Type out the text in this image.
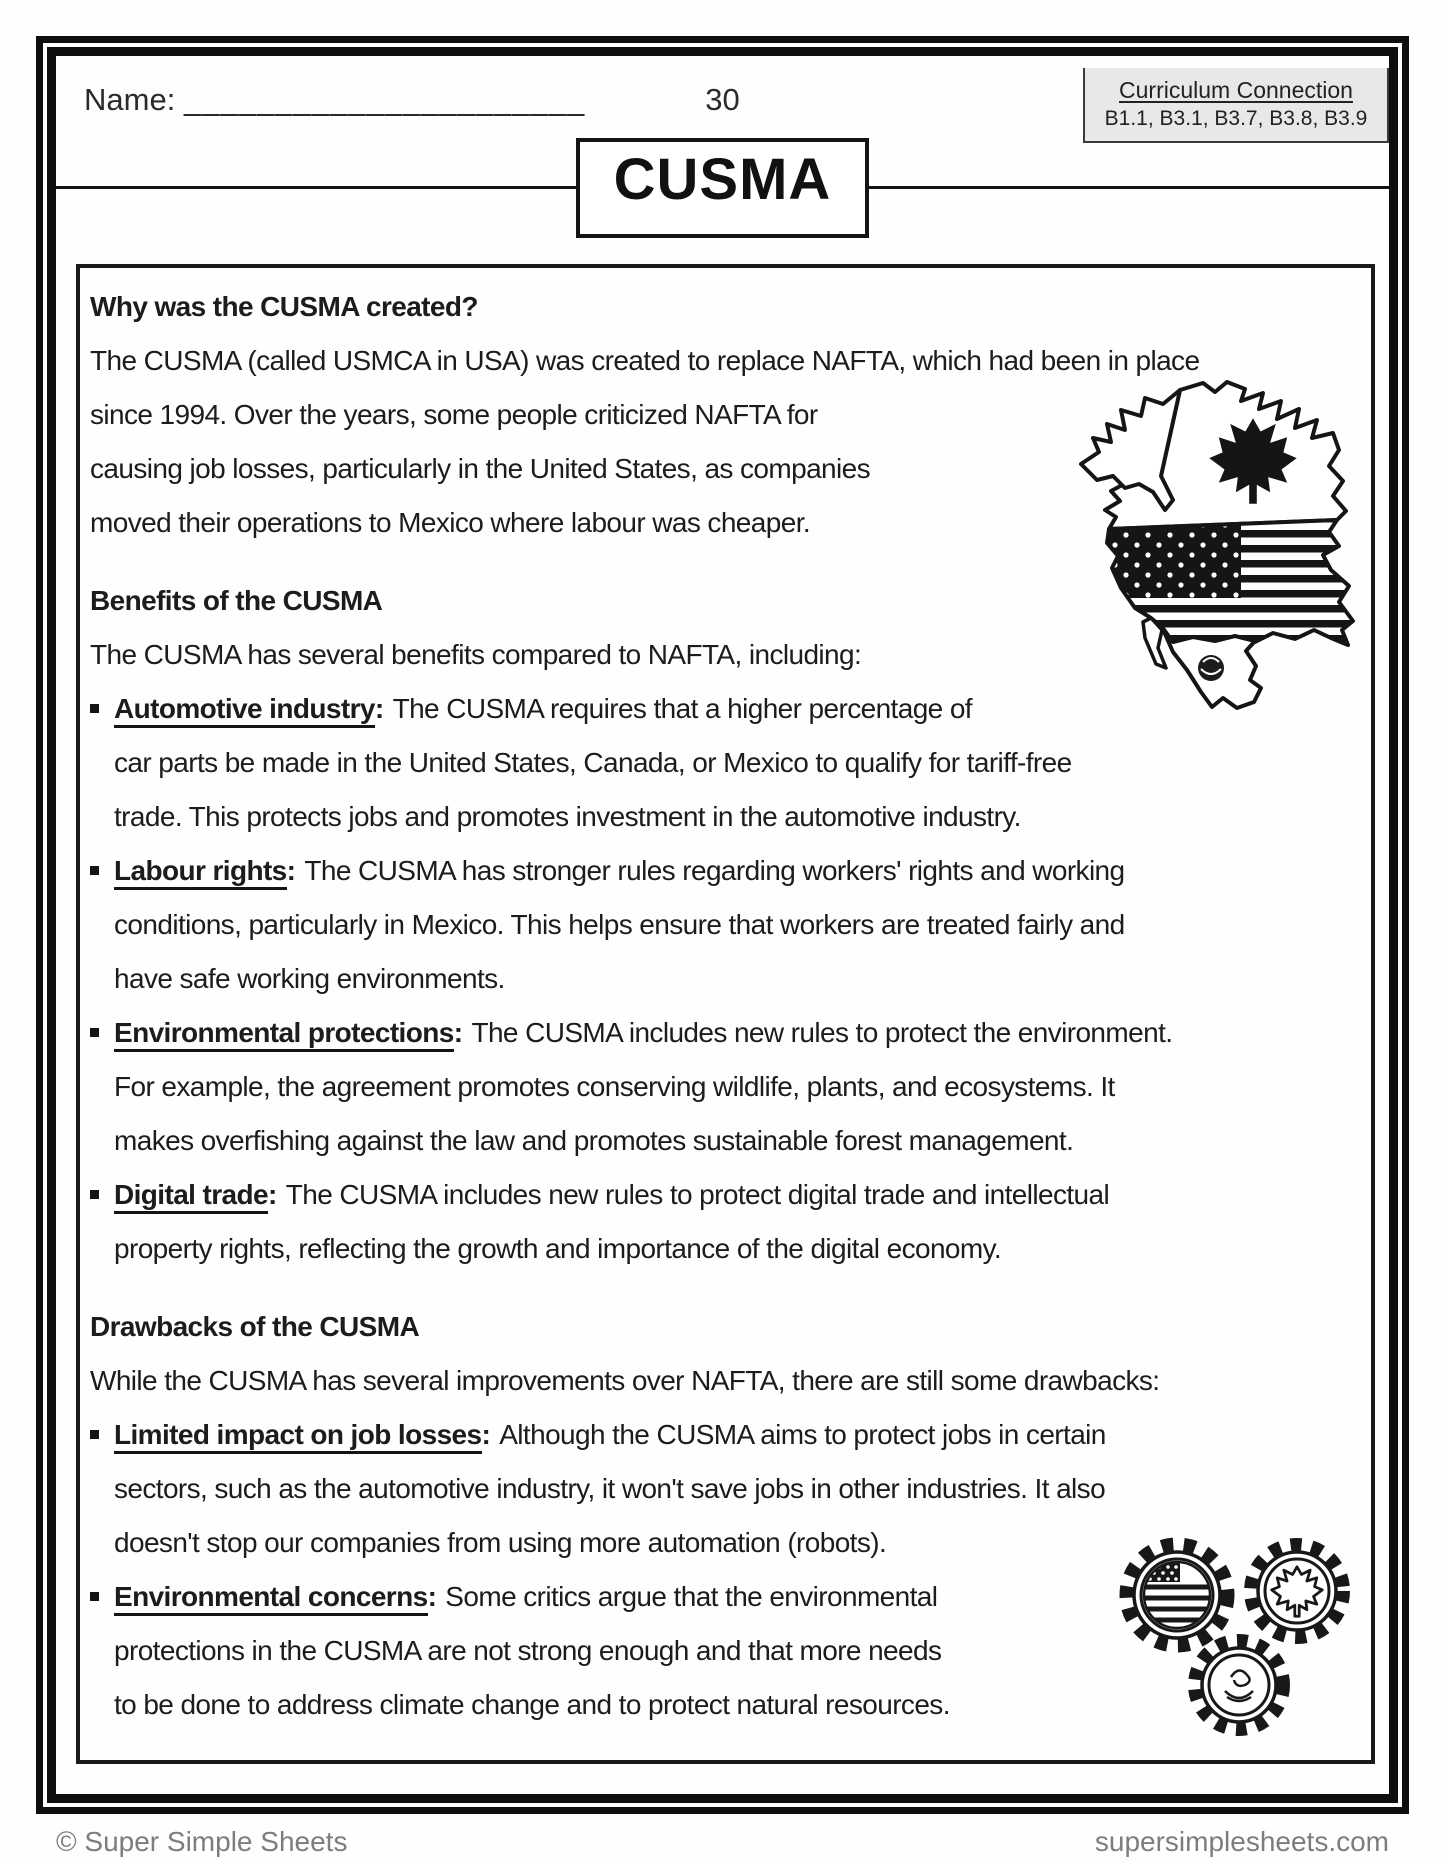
Name: ______________________	30	Curriculum Connection
B1.1, B3.1, B3.7, B3.8, B3.9
CUSMA
Why was the CUSMA created?
The CUSMA (called USMCA in USA) was created to replace NAFTA, which had been in place
since 1994. Over the years, some people criticized NAFTA for
causing job losses, particularly in the United States, as companies
moved their operations to Mexico where labour was cheaper.
Benefits of the CUSMA
The CUSMA has several benefits compared to NAFTA, including:
Automotive industry: The CUSMA requires that a higher percentage of
car parts be made in the United States, Canada, or Mexico to qualify for tariff-free
trade. This protects jobs and promotes investment in the automotive industry.
Labour rights: The CUSMA has stronger rules regarding workers' rights and working
conditions, particularly in Mexico. This helps ensure that workers are treated fairly and
have safe working environments.
Environmental protections: The CUSMA includes new rules to protect the environment.
For example, the agreement promotes conserving wildlife, plants, and ecosystems. It
makes overfishing against the law and promotes sustainable forest management.
Digital trade: The CUSMA includes new rules to protect digital trade and intellectual
property rights, reflecting the growth and importance of the digital economy.
Drawbacks of the CUSMA
While the CUSMA has several improvements over NAFTA, there are still some drawbacks:
Limited impact on job losses: Although the CUSMA aims to protect jobs in certain
sectors, such as the automotive industry, it won't save jobs in other industries. It also
doesn't stop our companies from using more automation (robots).
Environmental concerns: Some critics argue that the environmental
protections in the CUSMA are not strong enough and that more needs
to be done to address climate change and to protect natural resources.
© Super Simple Sheets	supersimplesheets.com
